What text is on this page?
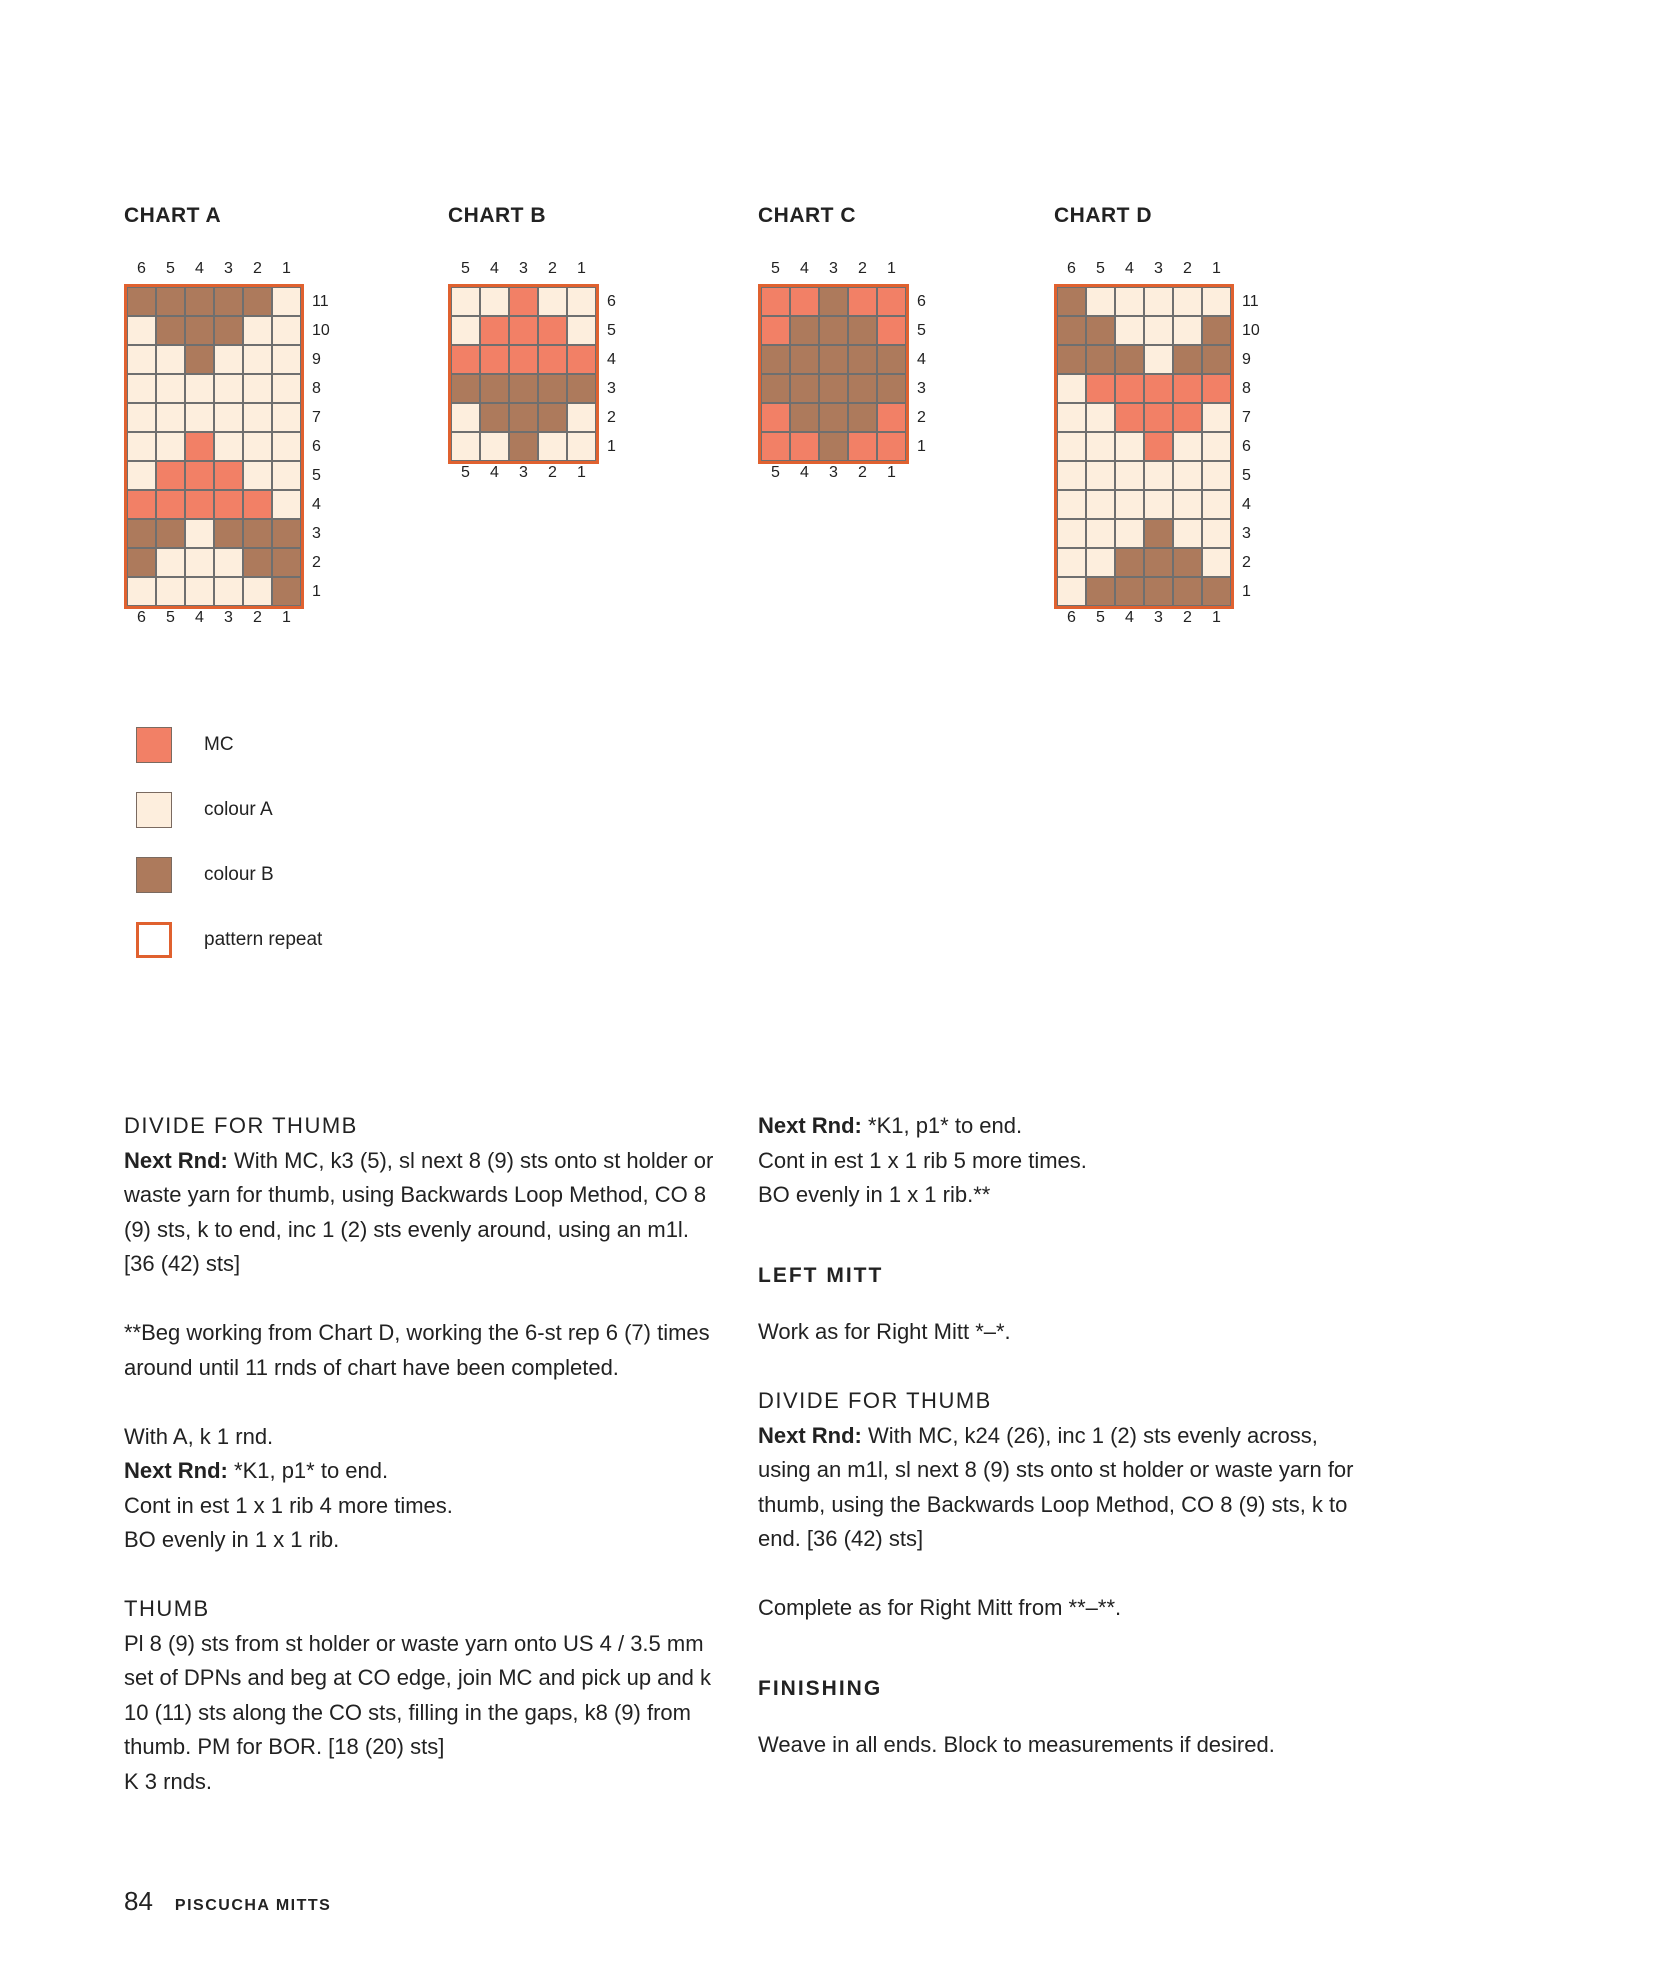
CHART A
6	5	4	3	2	1
11
10
9
8
7
6
5
4
3
2
1
6	5	4	3	2	1
CHART B
5	4	3	2	1
6
5
4
3
2
1
5	4	3	2	1
CHART C
5	4	3	2	1
6
5
4
3
2
1
5	4	3	2	1
CHART D
6	5	4	3	2	1
11
10
9
8
7
6
5
4
3
2
1
6	5	4	3	2	1
MC
colour A
colour B
pattern repeat

DIVIDE FOR THUMB

Next Rnd: With MC, k3 (5), sl next 8 (9) sts onto st holder or waste yarn for thumb, using Backwards Loop Method, CO 8 (9) sts, k to end, inc 1 (2) sts evenly around, using an m1l. [36 (42) sts]

**Beg working from Chart D, working the 6-st rep 6 (7) times around until 11 rnds of chart have been completed.

With A, k 1 rnd.

Next Rnd: *K1, p1* to end.

Cont in est 1 x 1 rib 4 more times.

BO evenly in 1 x 1 rib.

THUMB

Pl 8 (9) sts from st holder or waste yarn onto US 4 / 3.5 mm set of DPNs and beg at CO edge, join MC and pick up and k 10 (11) sts along the CO sts, filling in the gaps, k8 (9) from thumb. PM for BOR. [18 (20) sts]

K 3 rnds.

Next Rnd: *K1, p1* to end.

Cont in est 1 x 1 rib 5 more times.

BO evenly in 1 x 1 rib.**

LEFT MITT

Work as for Right Mitt *–*.

DIVIDE FOR THUMB

Next Rnd: With MC, k24 (26), inc 1 (2) sts evenly across, using an m1l, sl next 8 (9) sts onto st holder or waste yarn for thumb, using the Backwards Loop Method, CO 8 (9) sts, k to end. [36 (42) sts]

Complete as for Right Mitt from **–**.

FINISHING

Weave in all ends. Block to measurements if desired.

84 PISCUCHA MITTS
